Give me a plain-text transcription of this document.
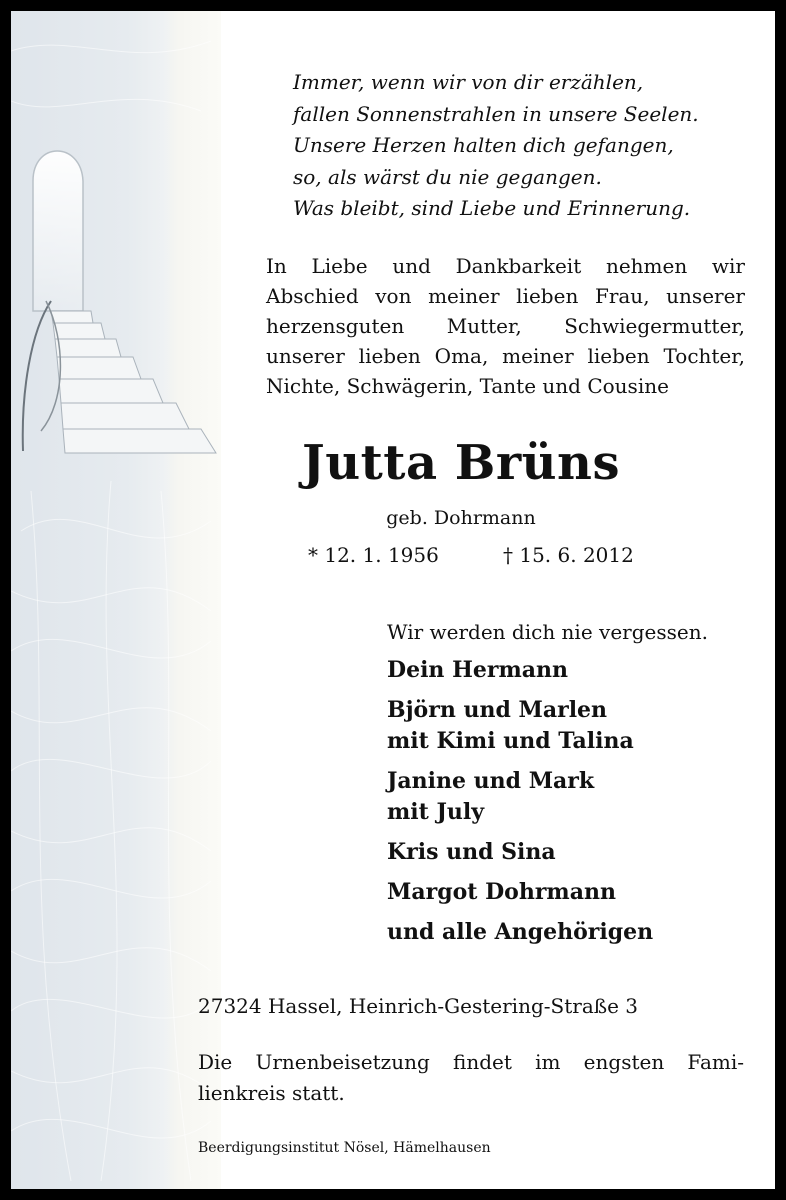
Immer, wenn wir von dir erzählen,
fallen Sonnenstrahlen in unsere Seelen.
Unsere Herzen halten dich gefangen,
so, als wärst du nie gegangen.
Was bleibt, sind Liebe und Erinnerung.
In Liebe und Dankbarkeit nehmen wir
Abschied von meiner lieben Frau, unserer
herzensguten Mutter, Schwiegermutter,
unserer lieben Oma, meiner lieben Tochter,
Nichte, Schwägerin, Tante und Cousine
Jutta Brüns
geb. Dohrmann
* 12. 1. 1956	† 15. 6. 2012
Wir werden dich nie vergessen.
Dein Hermann
Björn und Marlen
mit Kimi und Talina
Janine und Mark
mit July
Kris und Sina
Margot Dohrmann
und alle Angehörigen
27324 Hassel, Heinrich-Gestering-Straße 3
Die Urnenbeisetzung findet im engsten Fami-
lienkreis statt.
Beerdigungsinstitut Nösel, Hämelhausen
